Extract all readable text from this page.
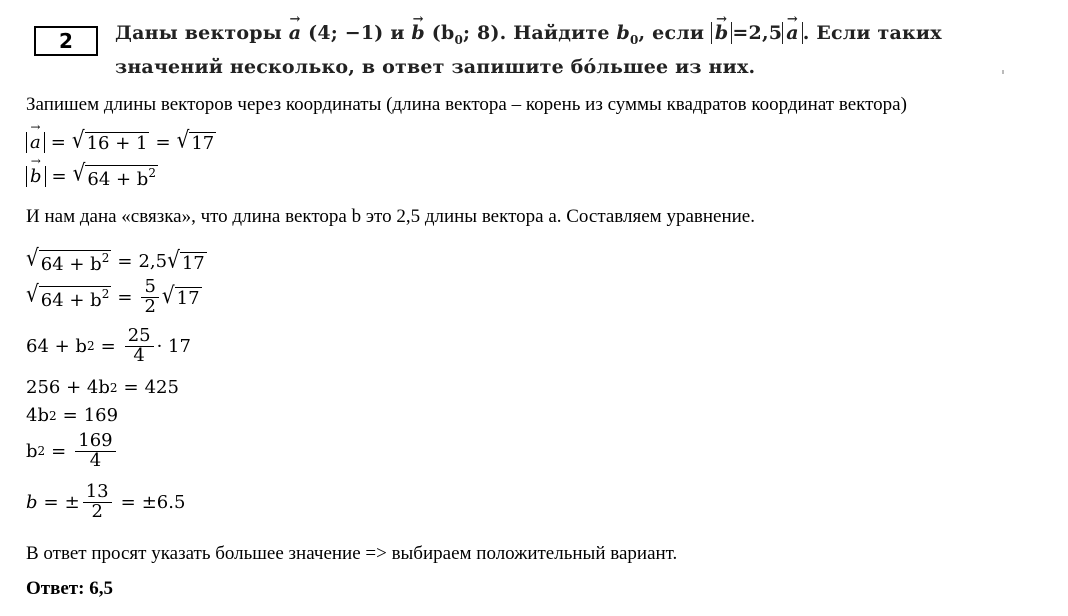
2	Даны векторы → a (4; −1) и → b ($b_0$; 8). Найдите $b_0$, если → b =2,5→ a . Если таких значений несколько, в ответ запишите бо́льшее из них.
Запишем длины векторов через координаты (длина вектора – корень из суммы квадратов координат вектора)
→ a = √ 16 + 1 = √ 17
→ b = √ $64 + b^2$
И нам дана «связка», что длина вектора b это 2,5 длины вектора a. Составляем уравнение.
√ $64 + b^2 = 2,5$ √ 17
√ $64 + b^2 = \frac{5}{2}$ √ 17
64 + b $2 = \frac{25}{4} \cdot 17$
256 + 4b 2 = 425
4b 2 = 169
b $2 = \frac{169}{4}$
b = ± $\frac{13}{2} = \pm 6.5$
В ответ просят указать большее значение => выбираем положительный вариант.
Ответ: 6,5
